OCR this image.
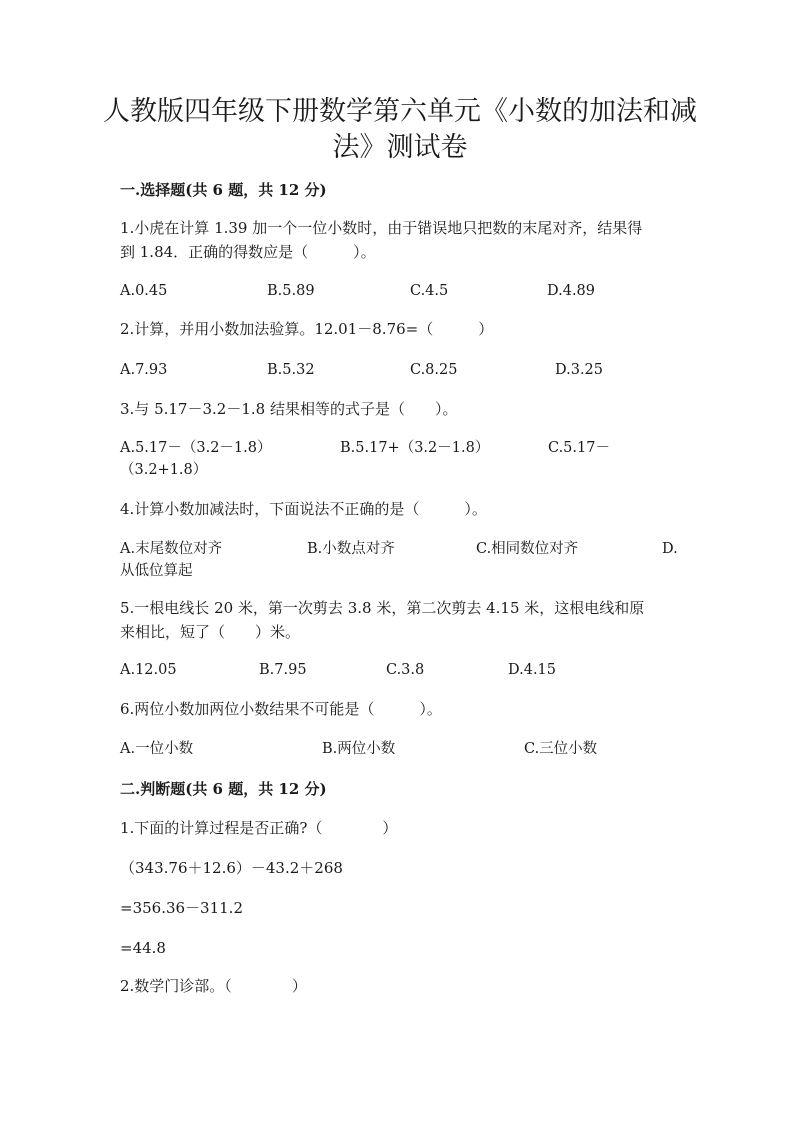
人教版四年级下册数学第六单元《小数的加法和减
法》测试卷
一.选择题(共 6 题，共 12 分)
1.小虎在计算 1.39 加一个一位小数时，由于错误地只把数的末尾对齐，结果得
到 1.84．正确的得数应是（　　　）。
A.0.45	B.5.89	C.4.5	D.4.89
2.计算，并用小数加法验算。12.01－8.76=（　　　）
A.7.93	B.5.32	C.8.25	D.3.25
3.与 5.17－3.2－1.8 结果相等的式子是（　　）。
A.5.17－（3.2－1.8）	B.5.17+（3.2－1.8）	C.5.17－
（3.2+1.8）
4.计算小数加减法时，下面说法不正确的是（　　　）。
A.末尾数位对齐	B.小数点对齐	C.相同数位对齐	D.
从低位算起
5.一根电线长 20 米，第一次剪去 3.8 米，第二次剪去 4.15 米，这根电线和原
来相比，短了（　　）米。
A.12.05	B.7.95	C.3.8	D.4.15
6.两位小数加两位小数结果不可能是（　　　）。
A.一位小数	B.两位小数	C.三位小数
二.判断题(共 6 题，共 12 分)
1.下面的计算过程是否正确?（　　　　）
（343.76＋12.6）－43.2＋268
=356.36－311.2
=44.8
2.数学门诊部。（　　　　）
